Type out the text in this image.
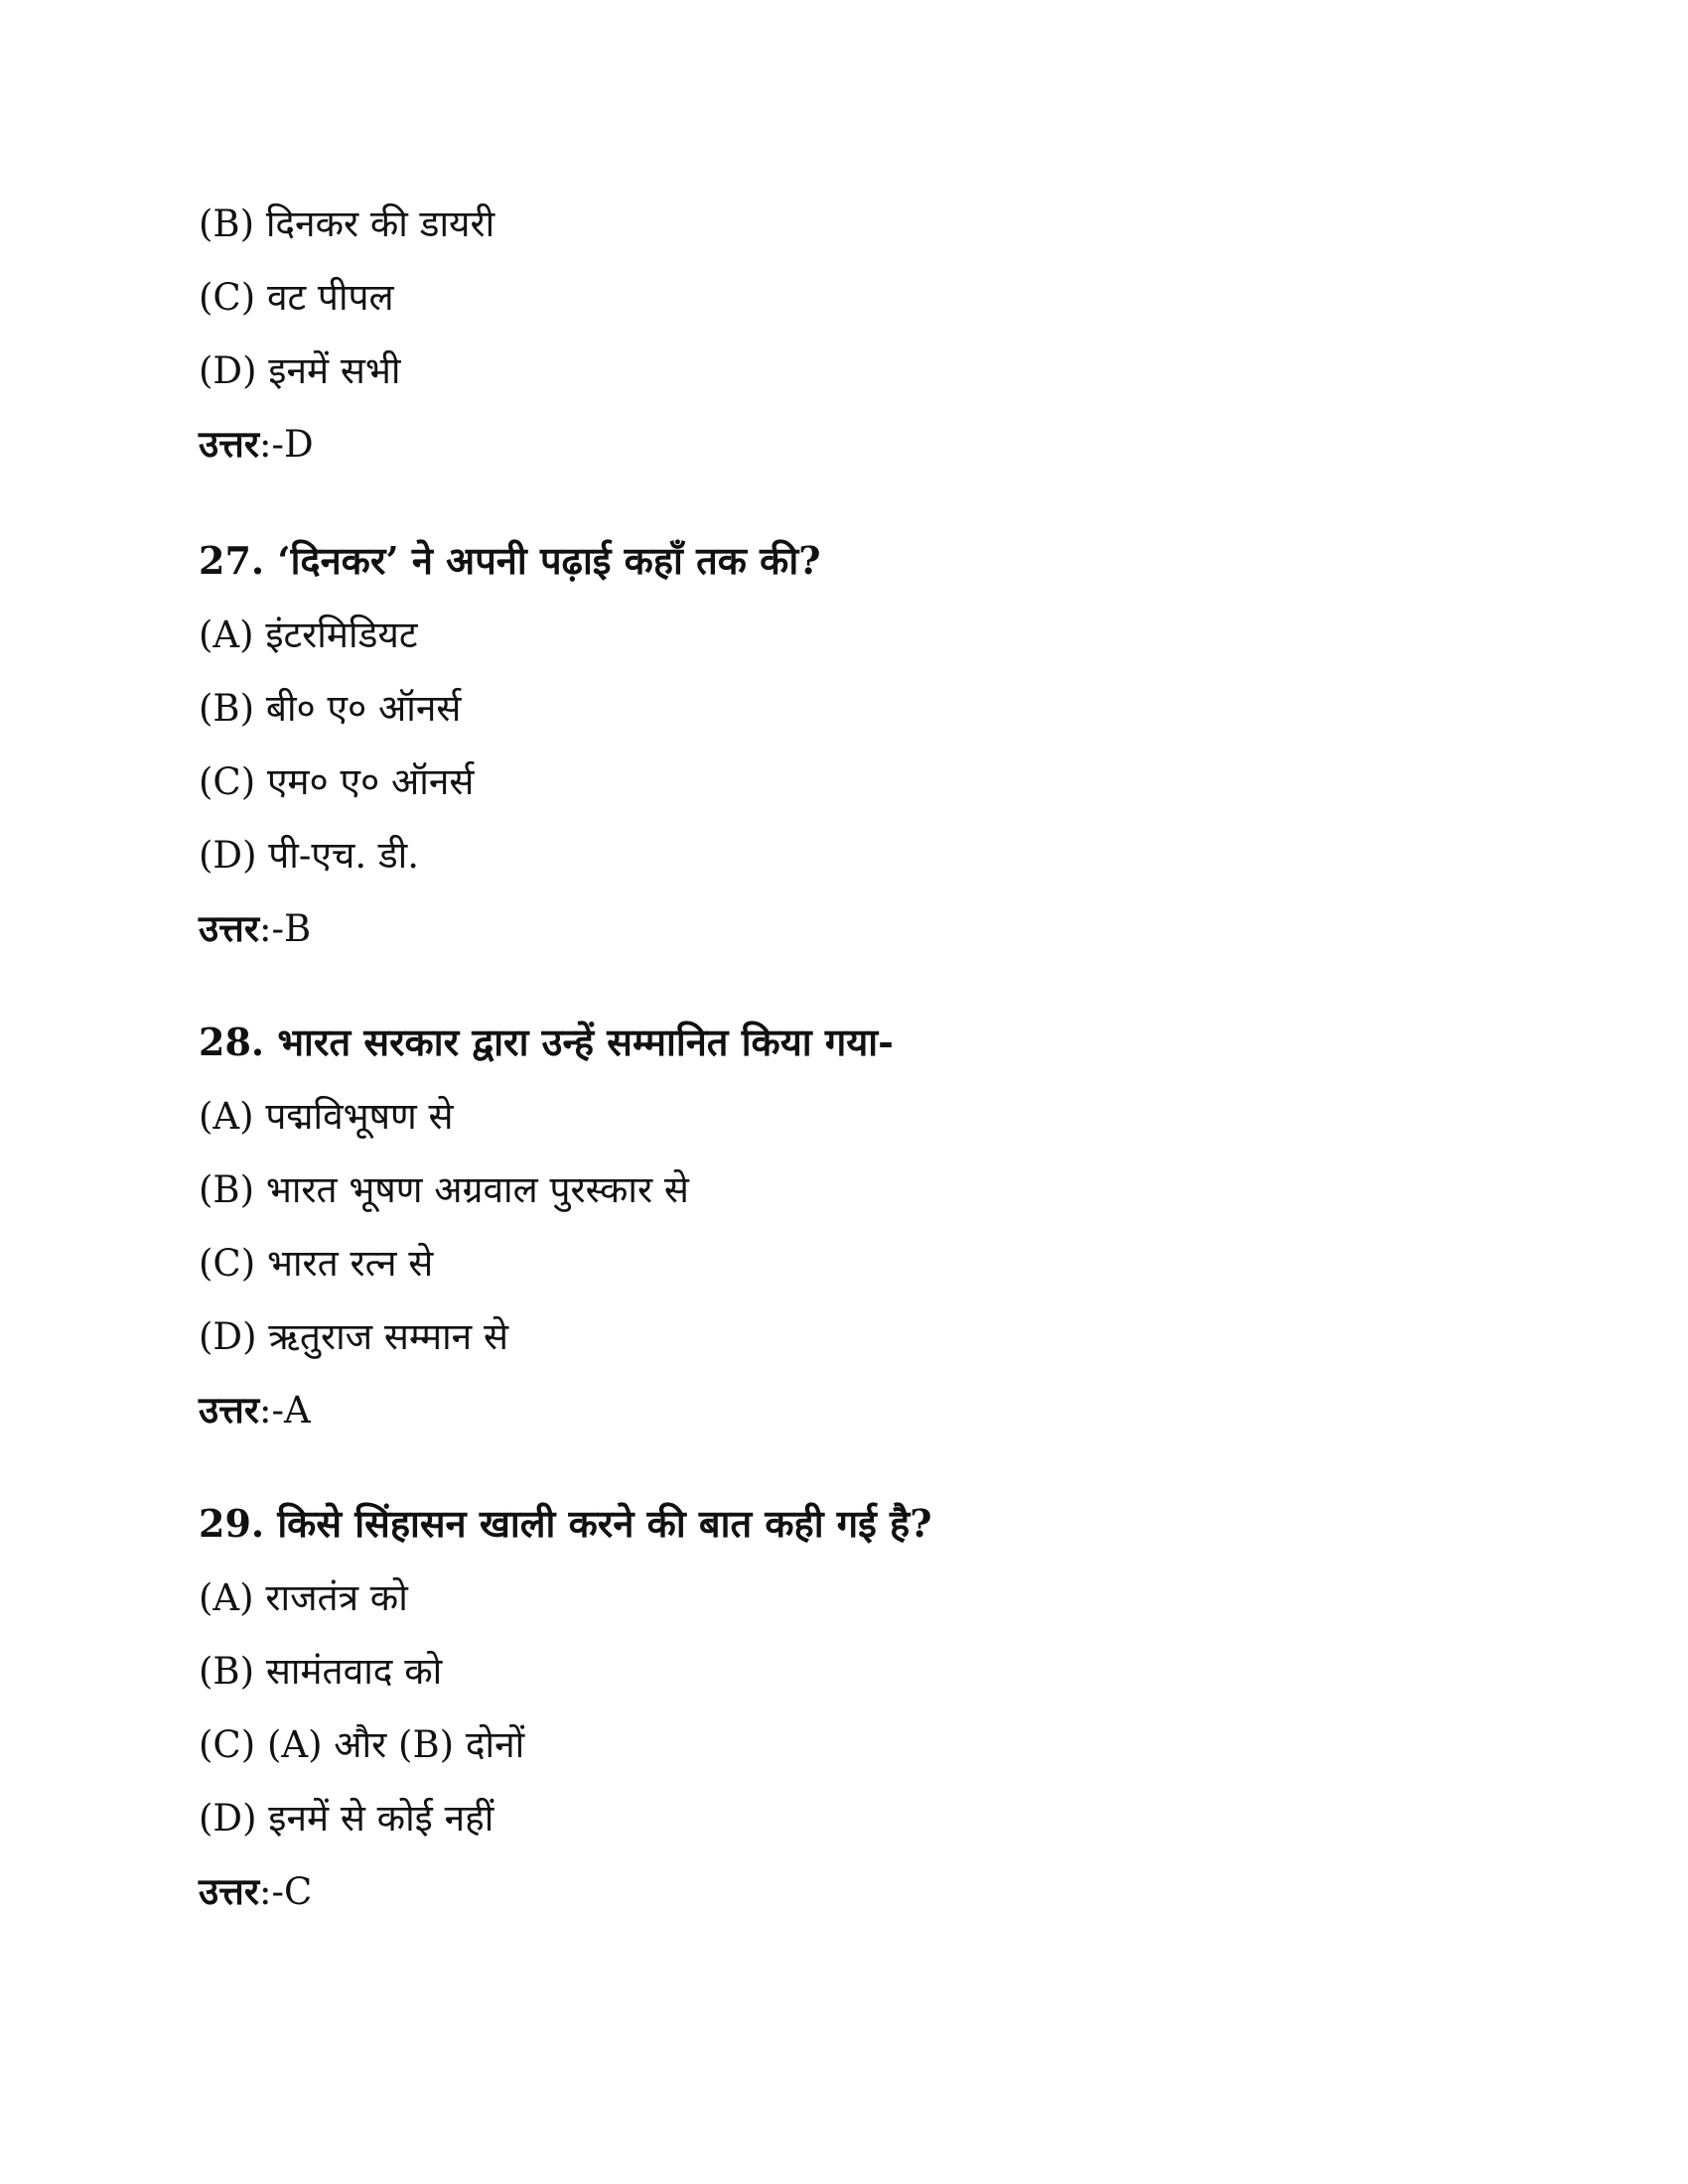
(B) दिनकर की डायरी
(C) वट पीपल
(D) इनमें सभी
उत्तर :- D
27. ‘दिनकर’ ने अपनी पढ़ाई कहाँ तक की?
(A) इंटरमिडियट
(B) बी० ए० ऑनर्स
(C) एम० ए० ऑनर्स
(D) पी-एच. डी.
उत्तर :- B
28. भारत सरकार द्वारा उन्हें सम्मानित किया गया-
(A) पद्मविभूषण से
(B) भारत भूषण अग्रवाल पुरस्कार से
(C) भारत रत्न से
(D) ऋतुराज सम्मान से
उत्तर :- A
29. किसे सिंहासन खाली करने की बात कही गई है?
(A) राजतंत्र को
(B) सामंतवाद को
(C) (A) और (B) दोनों
(D) इनमें से कोई नहीं
उत्तर :- C
